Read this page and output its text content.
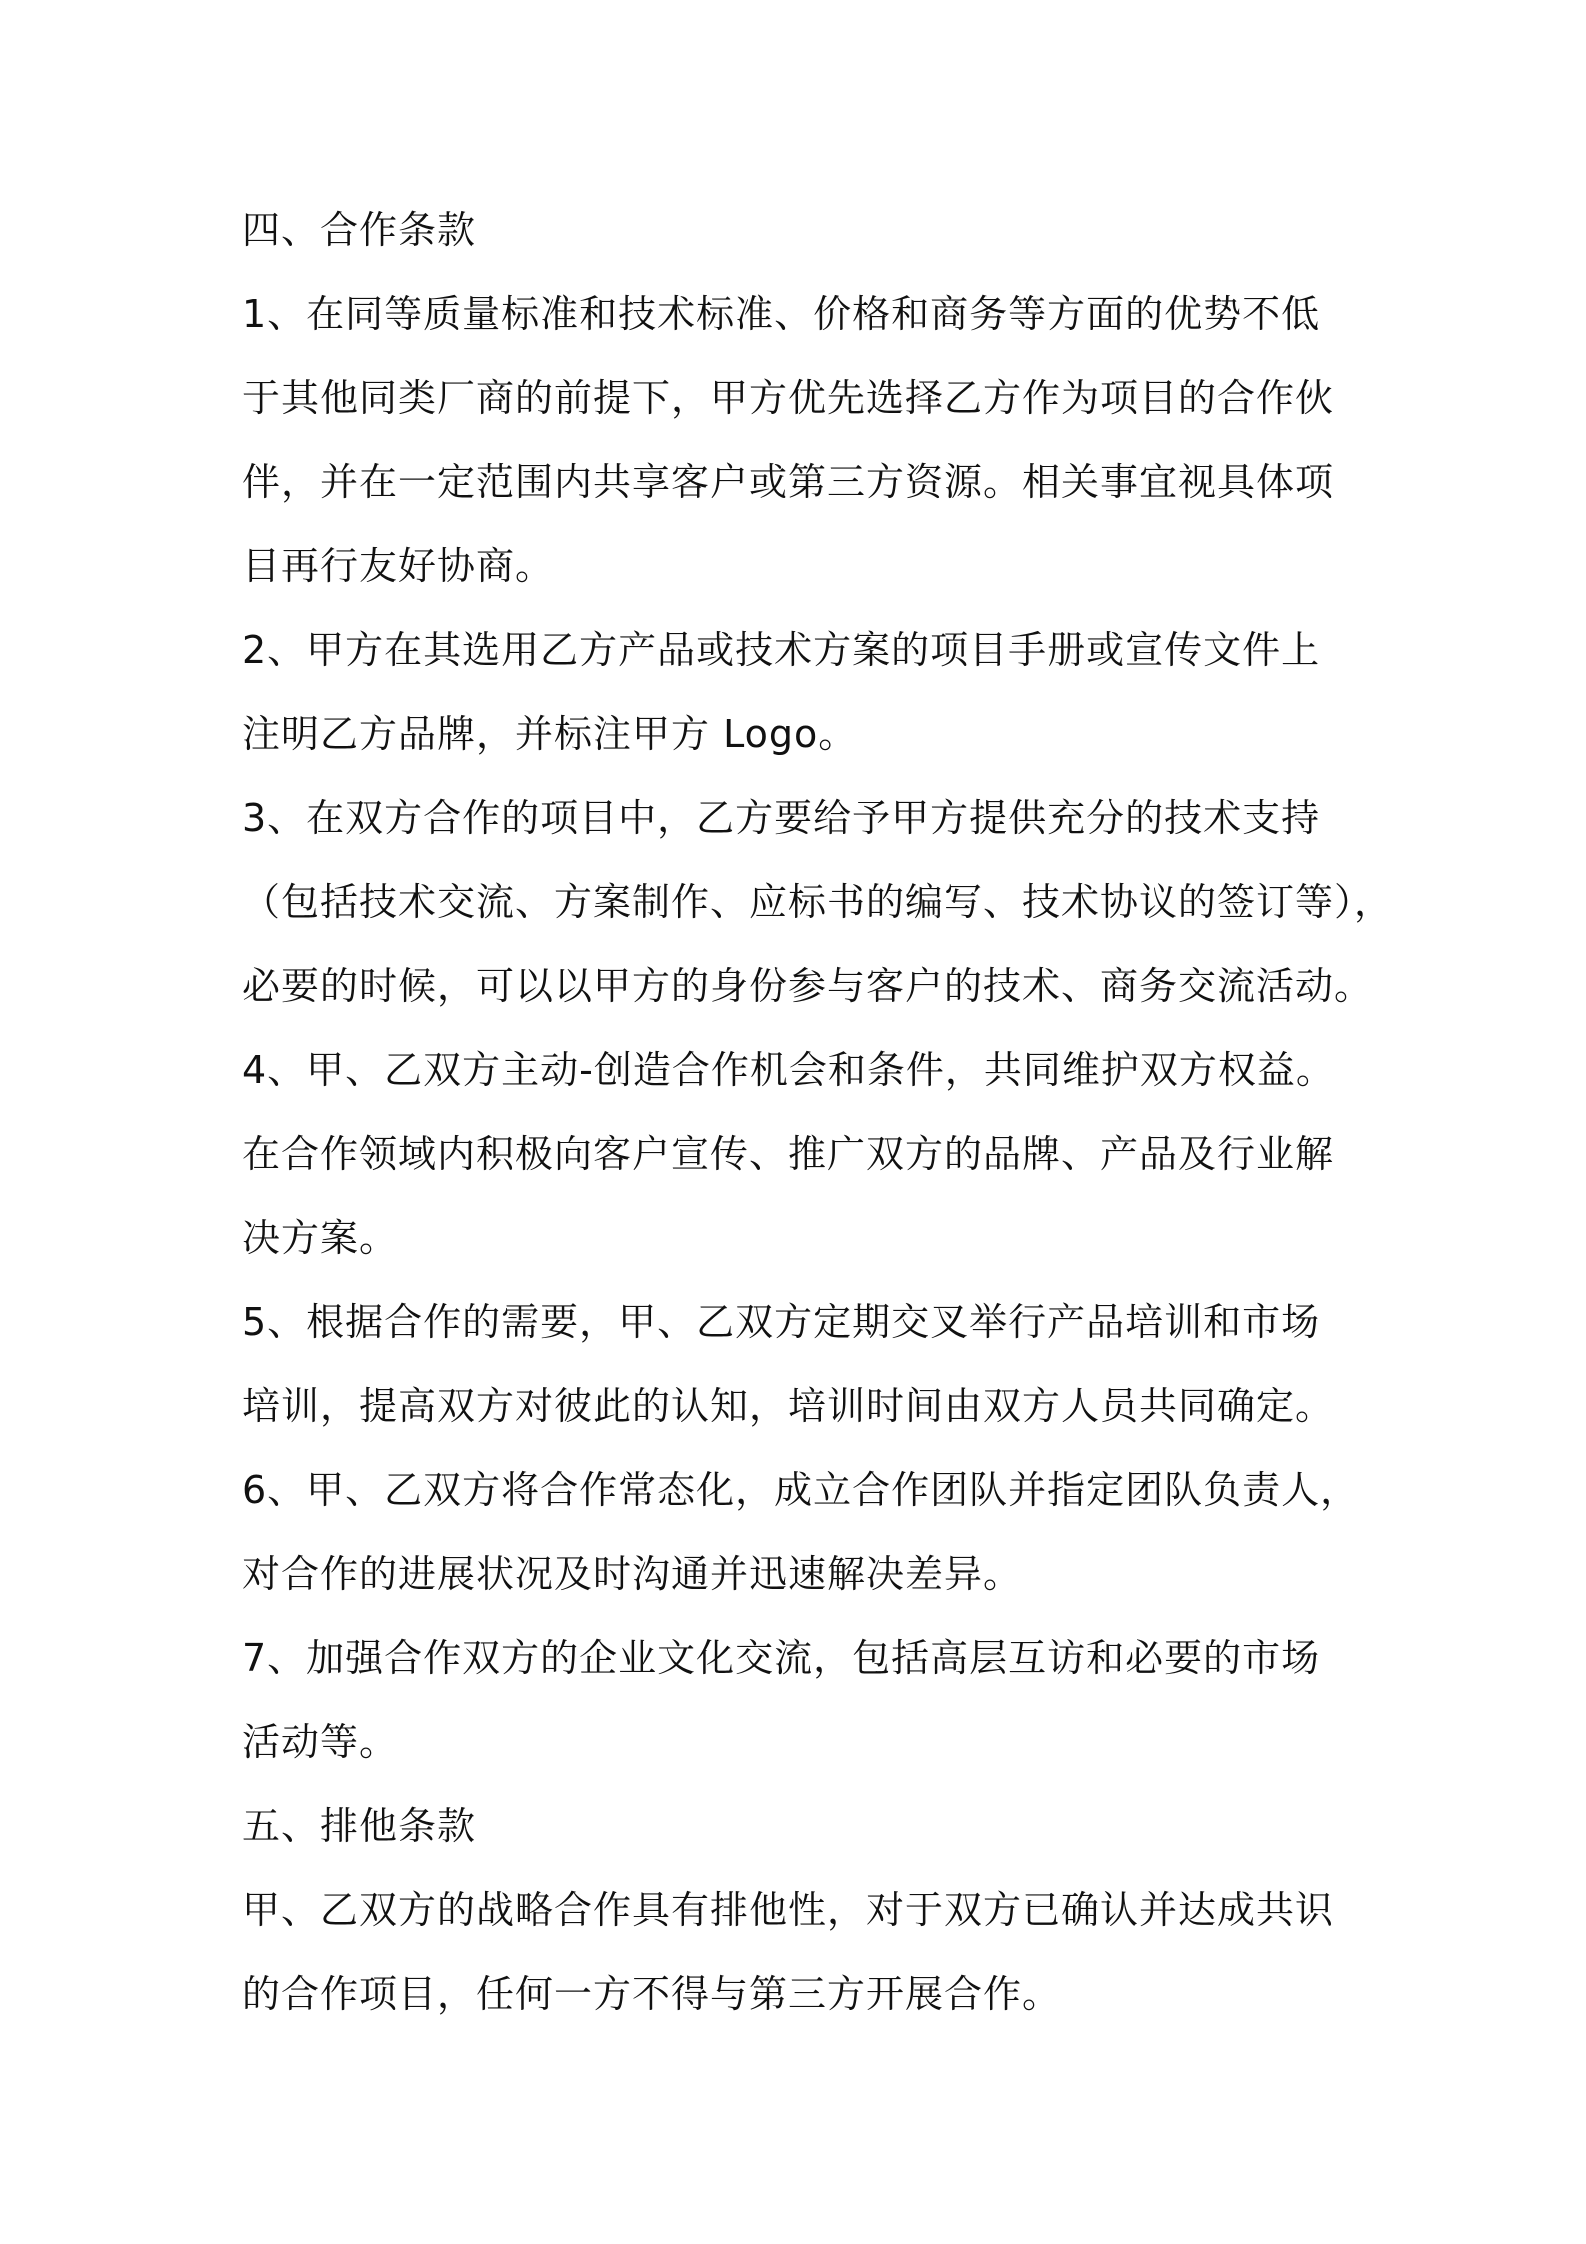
四、合作条款
1、在同等质量标准和技术标准、价格和商务等方面的优势不低
于其他同类厂商的前提下，甲方优先选择乙方作为项目的合作伙
伴，并在一定范围内共享客户或第三方资源。相关事宜视具体项
目再行友好协商。
2、甲方在其选用乙方产品或技术方案的项目手册或宣传文件上
注明乙方品牌，并标注甲方 Logo。
3、在双方合作的项目中，乙方要给予甲方提供充分的技术支持
（包括技术交流、方案制作、应标书的编写、技术协议的签订等），
必要的时候，可以以甲方的身份参与客户的技术、商务交流活动。
4、甲、乙双方主动-创造合作机会和条件，共同维护双方权益。
在合作领域内积极向客户宣传、推广双方的品牌、产品及行业解
决方案。
5、根据合作的需要，甲、乙双方定期交叉举行产品培训和市场
培训，提高双方对彼此的认知，培训时间由双方人员共同确定。
6、甲、乙双方将合作常态化，成立合作团队并指定团队负责人，
对合作的进展状况及时沟通并迅速解决差异。
7、加强合作双方的企业文化交流，包括高层互访和必要的市场
活动等。
五、排他条款
甲、乙双方的战略合作具有排他性，对于双方已确认并达成共识
的合作项目，任何一方不得与第三方开展合作。
